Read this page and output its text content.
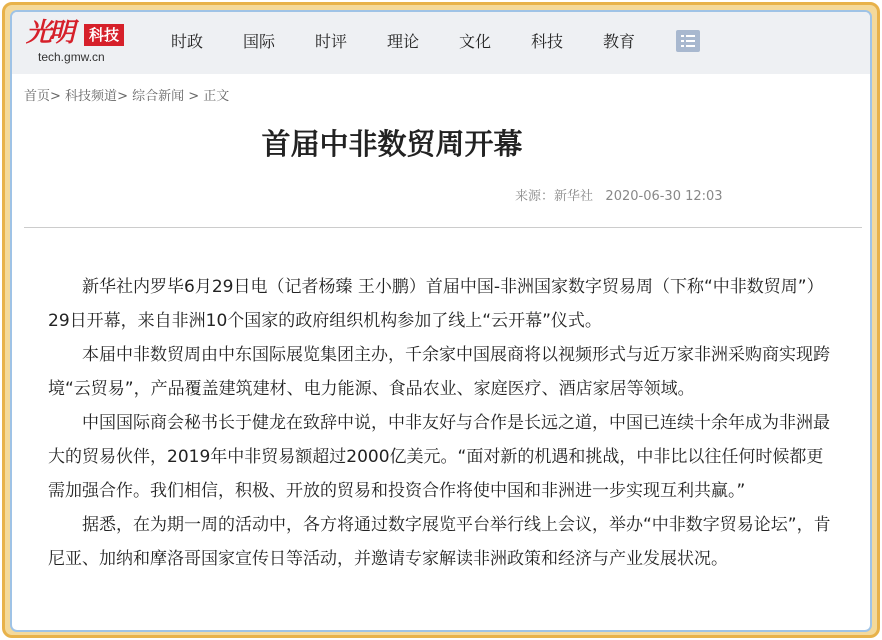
光明	科技
tech.gmw.cn
时政 国际 时评 理论 文化 科技 教育
首页> 科技频道> 综合新闻 > 正文
首届中非数贸周开幕
来源：新华社 2020-06-30 12:03

新华社内罗毕6月29日电（记者杨臻 王小鹏）首届中国-非洲国家数字贸易周（下称“中非数贸周”）29日开幕，来自非洲10个国家的政府组织机构参加了线上“云开幕”仪式。

本届中非数贸周由中东国际展览集团主办，千余家中国展商将以视频形式与近万家非洲采购商实现跨境“云贸易”，产品覆盖建筑建材、电力能源、食品农业、家庭医疗、酒店家居等领域。

中国国际商会秘书长于健龙在致辞中说，中非友好与合作是长远之道，中国已连续十余年成为非洲最大的贸易伙伴，2019年中非贸易额超过2000亿美元。“面对新的机遇和挑战，中非比以往任何时候都更需加强合作。我们相信，积极、开放的贸易和投资合作将使中国和非洲进一步实现互利共赢。”

据悉，在为期一周的活动中，各方将通过数字展览平台举行线上会议，举办“中非数字贸易论坛”，肯尼亚、加纳和摩洛哥国家宣传日等活动，并邀请专家解读非洲政策和经济与产业发展状况。
